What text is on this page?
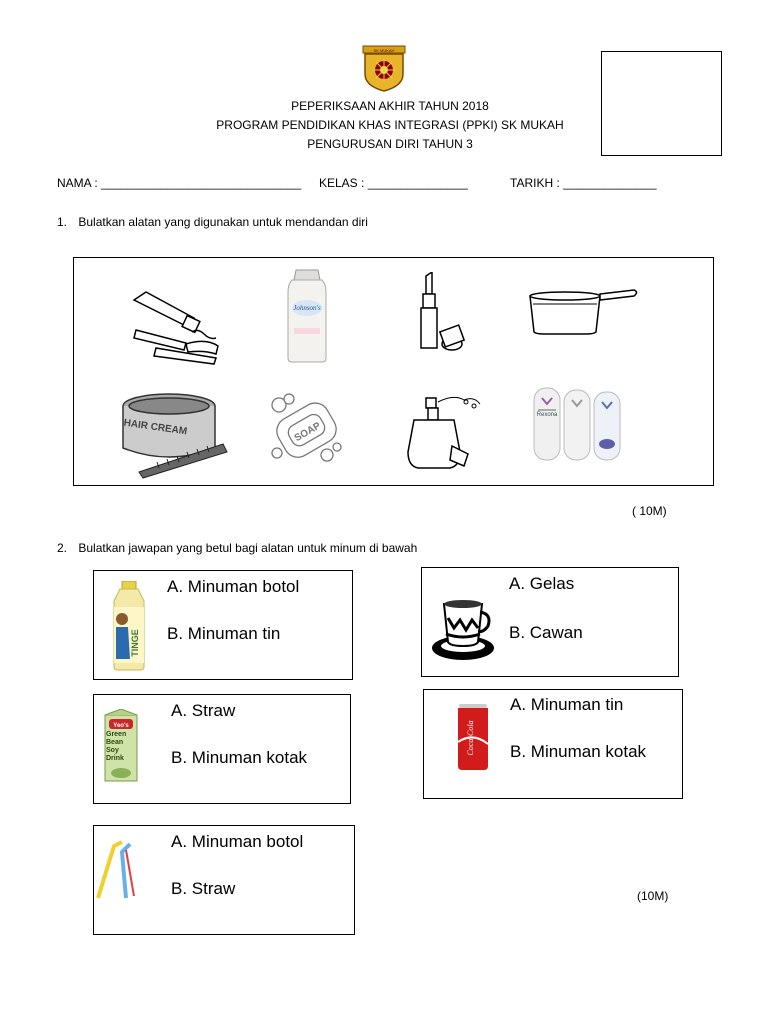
SK MUKAH
PEPERIKSAAN AKHIR TAHUN 2018
PROGRAM PENDIDIKAN KHAS INTEGRASI (PPKI) SK MUKAH
PENGURUSAN DIRI TAHUN 3
NAMA : ______________________________ KELAS : _______________	TARIKH : ______________
1. Bulatkan alatan yang digunakan untuk mendandan diri
Johnson's
HAIR CREAM	SOAP
Rexona
( 10M)
2. Bulatkan jawapan yang betul bagi alatan untuk minum di bawah
TINGE
A. Minuman botol
B. Minuman tin
A. Gelas
B. Cawan
Yeo's
Green Bean Soy Drink
A. Straw
B. Minuman kotak
Coca-Cola
A. Minuman tin
B. Minuman kotak
A. Minuman botol
B. Straw	(10M)
